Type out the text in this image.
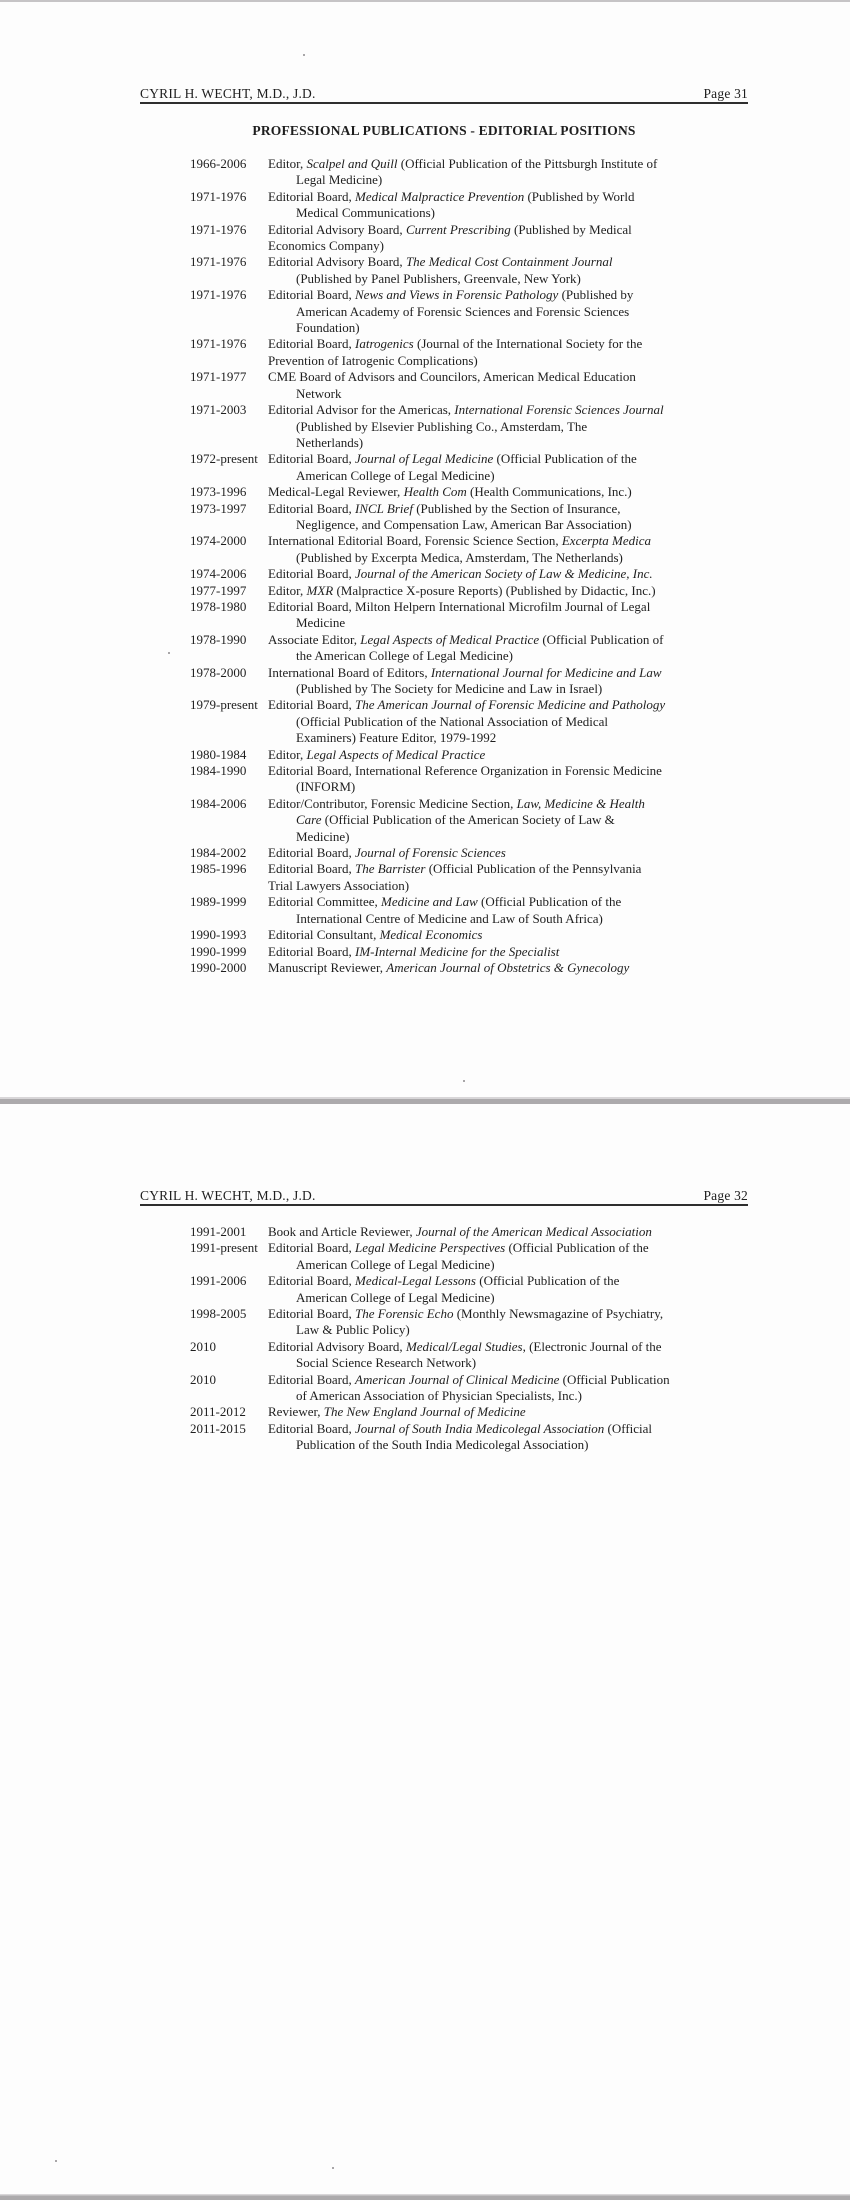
CYRIL H. WECHT, M.D., J.D.	Page 31
PROFESSIONAL PUBLICATIONS - EDITORIAL POSITIONS
1966-2006 Editor, Scalpel and Quill (Official Publication of the Pittsburgh Institute of
Legal Medicine)
1971-1976 Editorial Board, Medical Malpractice Prevention (Published by World
Medical Communications)
1971-1976 Editorial Advisory Board, Current Prescribing (Published by Medical
Economics Company)
1971-1976 Editorial Advisory Board, The Medical Cost Containment Journal
(Published by Panel Publishers, Greenvale, New York)
1971-1976 Editorial Board, News and Views in Forensic Pathology (Published by
American Academy of Forensic Sciences and Forensic Sciences
Foundation)
1971-1976 Editorial Board, Iatrogenics (Journal of the International Society for the
Prevention of Iatrogenic Complications)
1971-1977 CME Board of Advisors and Councilors, American Medical Education
Network
1971-2003 Editorial Advisor for the Americas, International Forensic Sciences Journal
(Published by Elsevier Publishing Co., Amsterdam, The
Netherlands)
1972-present Editorial Board, Journal of Legal Medicine (Official Publication of the
American College of Legal Medicine)
1973-1996 Medical-Legal Reviewer, Health Com (Health Communications, Inc.)
1973-1997 Editorial Board, INCL Brief (Published by the Section of Insurance,
Negligence, and Compensation Law, American Bar Association)
1974-2000 International Editorial Board, Forensic Science Section, Excerpta Medica
(Published by Excerpta Medica, Amsterdam, The Netherlands)
1974-2006 Editorial Board, Journal of the American Society of Law & Medicine, Inc.
1977-1997 Editor, MXR (Malpractice X-posure Reports) (Published by Didactic, Inc.)
1978-1980 Editorial Board, Milton Helpern International Microfilm Journal of Legal
Medicine
1978-1990 Associate Editor, Legal Aspects of Medical Practice (Official Publication of
the American College of Legal Medicine)
1978-2000 International Board of Editors, International Journal for Medicine and Law
(Published by The Society for Medicine and Law in Israel)
1979-present Editorial Board, The American Journal of Forensic Medicine and Pathology
(Official Publication of the National Association of Medical
Examiners) Feature Editor, 1979-1992
1980-1984 Editor, Legal Aspects of Medical Practice
1984-1990 Editorial Board, International Reference Organization in Forensic Medicine
(INFORM)
1984-2006 Editor/Contributor, Forensic Medicine Section, Law, Medicine & Health
Care (Official Publication of the American Society of Law &
Medicine)
1984-2002 Editorial Board, Journal of Forensic Sciences
1985-1996 Editorial Board, The Barrister (Official Publication of the Pennsylvania
Trial Lawyers Association)
1989-1999 Editorial Committee, Medicine and Law (Official Publication of the
International Centre of Medicine and Law of South Africa)
1990-1993 Editorial Consultant, Medical Economics
1990-1999 Editorial Board, IM-Internal Medicine for the Specialist
1990-2000 Manuscript Reviewer, American Journal of Obstetrics & Gynecology
CYRIL H. WECHT, M.D., J.D.	Page 32
1991-2001 Book and Article Reviewer, Journal of the American Medical Association
1991-present Editorial Board, Legal Medicine Perspectives (Official Publication of the
American College of Legal Medicine)
1991-2006 Editorial Board, Medical-Legal Lessons (Official Publication of the
American College of Legal Medicine)
1998-2005 Editorial Board, The Forensic Echo (Monthly Newsmagazine of Psychiatry,
Law & Public Policy)
2010	Editorial Advisory Board, Medical/Legal Studies, (Electronic Journal of the
Social Science Research Network)
2010	Editorial Board, American Journal of Clinical Medicine (Official Publication
of American Association of Physician Specialists, Inc.)
2011-2012 Reviewer, The New England Journal of Medicine
2011-2015 Editorial Board, Journal of South India Medicolegal Association (Official
Publication of the South India Medicolegal Association)
